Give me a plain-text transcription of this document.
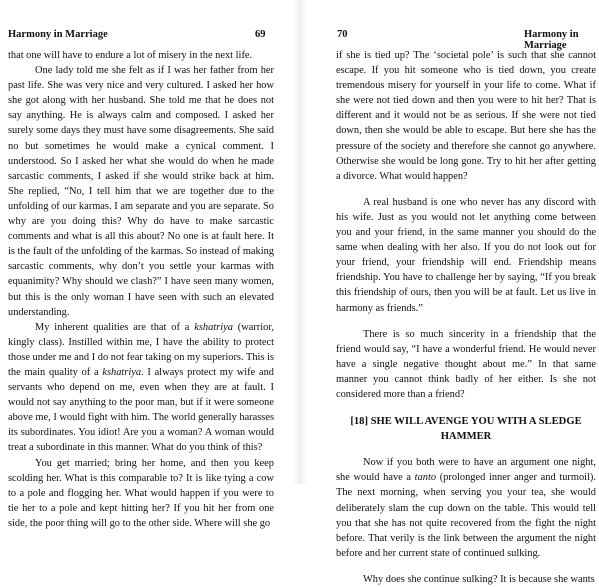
Harmony in Marriage	69

that one will have to endure a lot of misery in the next life.

One lady told me she felt as if I was her father from her past life. She was very nice and very cultured. I asked her how she got along with her husband. She told me that he does not say anything. He is always calm and composed. I asked her surely some days they must have some disagreements. She said no but sometimes he would make a cynical comment. I understood. So I asked her what she would do when he made sarcastic comments, I asked if she would strike back at him. She replied, “No, I tell him that we are together due to the unfolding of our karmas. I am separate and you are separate. So why are you doing this? Why do have to make sarcastic comments and what is all this about? No one is at fault here. It is the fault of the unfolding of the karmas. So instead of making sarcastic comments, why don’t you settle your karmas with equanimity? Why should we clash?” I have seen many women, but this is the only woman I have seen with such an elevated understanding.

My inherent qualities are that of a kshatriya (warrior, kingly class). Instilled within me, I have the ability to protect those under me and I do not fear taking on my superiors. This is the main quality of a kshatriya. I always protect my wife and servants who depend on me, even when they are at fault. I would not say anything to the poor man, but if it were someone above me, I would fight with him. The world generally harasses its subordinates. You idiot! Are you a woman? A woman would treat a subordinate in this manner. What do you think of this?

You get married; bring her home, and then you keep scolding her. What is this comparable to? It is like tying a cow to a pole and flogging her. What would happen if you were to tie her to a pole and kept hitting her? If you hit her from one side, the poor thing will go to the other side. Where will she go

70	Harmony in Marriage

if she is tied up? The ‘societal pole’ is such that she cannot escape. If you hit someone who is tied down, you create tremendous misery for yourself in your life to come. What if she were not tied down and then you were to hit her? That is different and it would not be as serious. If she were not tied down, then she would be able to escape. But here she has the pressure of the society and therefore she cannot go anywhere. Otherwise she would be long gone. Try to hit her after getting a divorce. What would happen?

A real husband is one who never has any discord with his wife. Just as you would not let anything come between you and your friend, in the same manner you should do the same when dealing with her also. If you do not look out for your friend, your friendship will end. Friendship means friendship. You have to challenge her by saying, “If you break this friendship of ours, then you will be at fault. Let us live in harmony as friends.”

There is so much sincerity in a friendship that the friend would say, “I have a wonderful friend. He would never have a single negative thought about me.” In that same manner you cannot think badly of her either. Is she not considered more than a friend?

[18] SHE WILL AVENGE YOU WITH A SLEDGE HAMMER

Now if you both were to have an argument one night, she would have a tanto (prolonged inner anger and turmoil). The next morning, when serving you your tea, she would deliberately slam the cup down on the table. This would tell you that she has not quite recovered from the fight the night before. That verily is the link between the argument the night before and her current state of continued sulking.

Why does she continue sulking? It is because she wants
